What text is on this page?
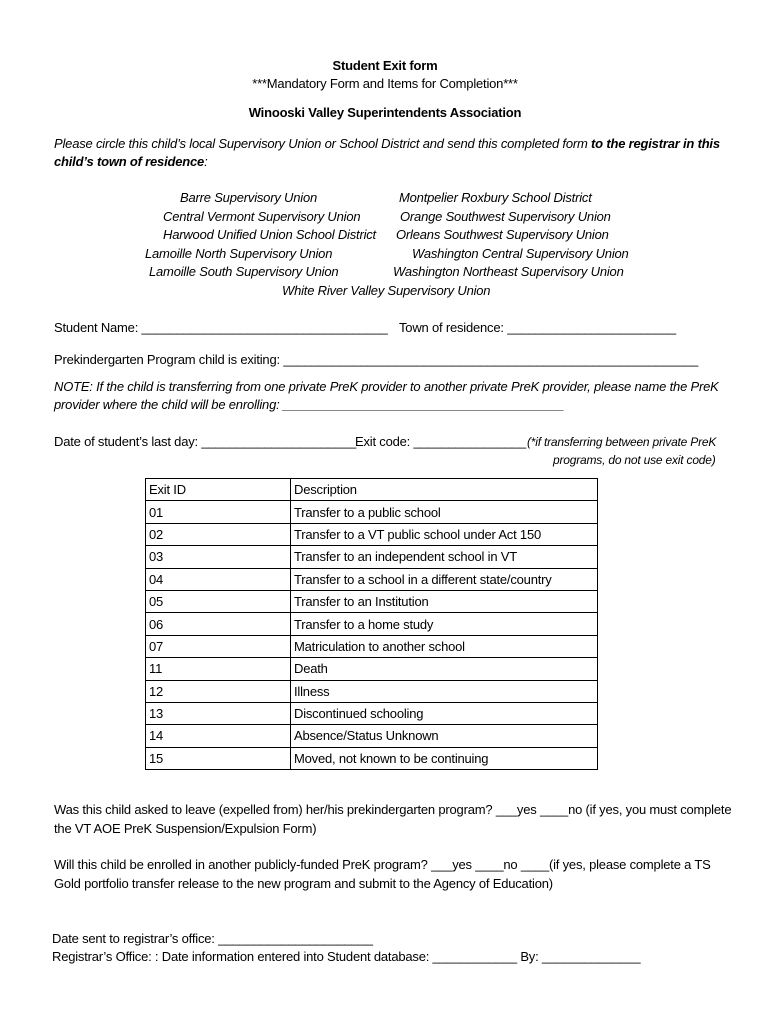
Student Exit form
***Mandatory Form and Items for Completion***
Winooski Valley Superintendents Association
Please circle this child’s local Supervisory Union or School District and send this completed form to the registrar in this
child’s town of residence:
Barre Supervisory Union	Montpelier Roxbury School District
Central Vermont Supervisory Union	Orange Southwest Supervisory Union
Harwood Unified Union School District Orleans Southwest Supervisory Union
Lamoille North Supervisory Union	Washington Central Supervisory Union
Lamoille South Supervisory Union	Washington Northeast Supervisory Union
White River Valley Supervisory Union
Student Name: ___________________________________ Town of residence: ________________________
Prekindergarten Program child is exiting: ___________________________________________________________
NOTE: If the child is transferring from one private PreK provider to another private PreK provider, please name the PreK
provider where the child will be enrolling: ________________________________________
Date of student’s last day: ______________________
Exit code: ________________ (*if transferring between private PreK
programs, do not use exit code)
Exit ID	Description
01	Transfer to a public school
02	Transfer to a VT public school under Act 150
03	Transfer to an independent school in VT
04	Transfer to a school in a different state/country
05	Transfer to an Institution
06	Transfer to a home study
07	Matriculation to another school
11	Death
12	Illness
13	Discontinued schooling
14	Absence/Status Unknown
15	Moved, not known to be continuing
Was this child asked to leave (expelled from) her/his prekindergarten program? ___yes ____no (if yes, you must complete
the VT AOE PreK Suspension/Expulsion Form)
Will this child be enrolled in another publicly-funded PreK program? ___yes ____no ____(if yes, please complete a TS
Gold portfolio transfer release to the new program and submit to the Agency of Education)
Date sent to registrar’s office: ______________________
Registrar’s Office: : Date information entered into Student database: ____________ By: ______________
